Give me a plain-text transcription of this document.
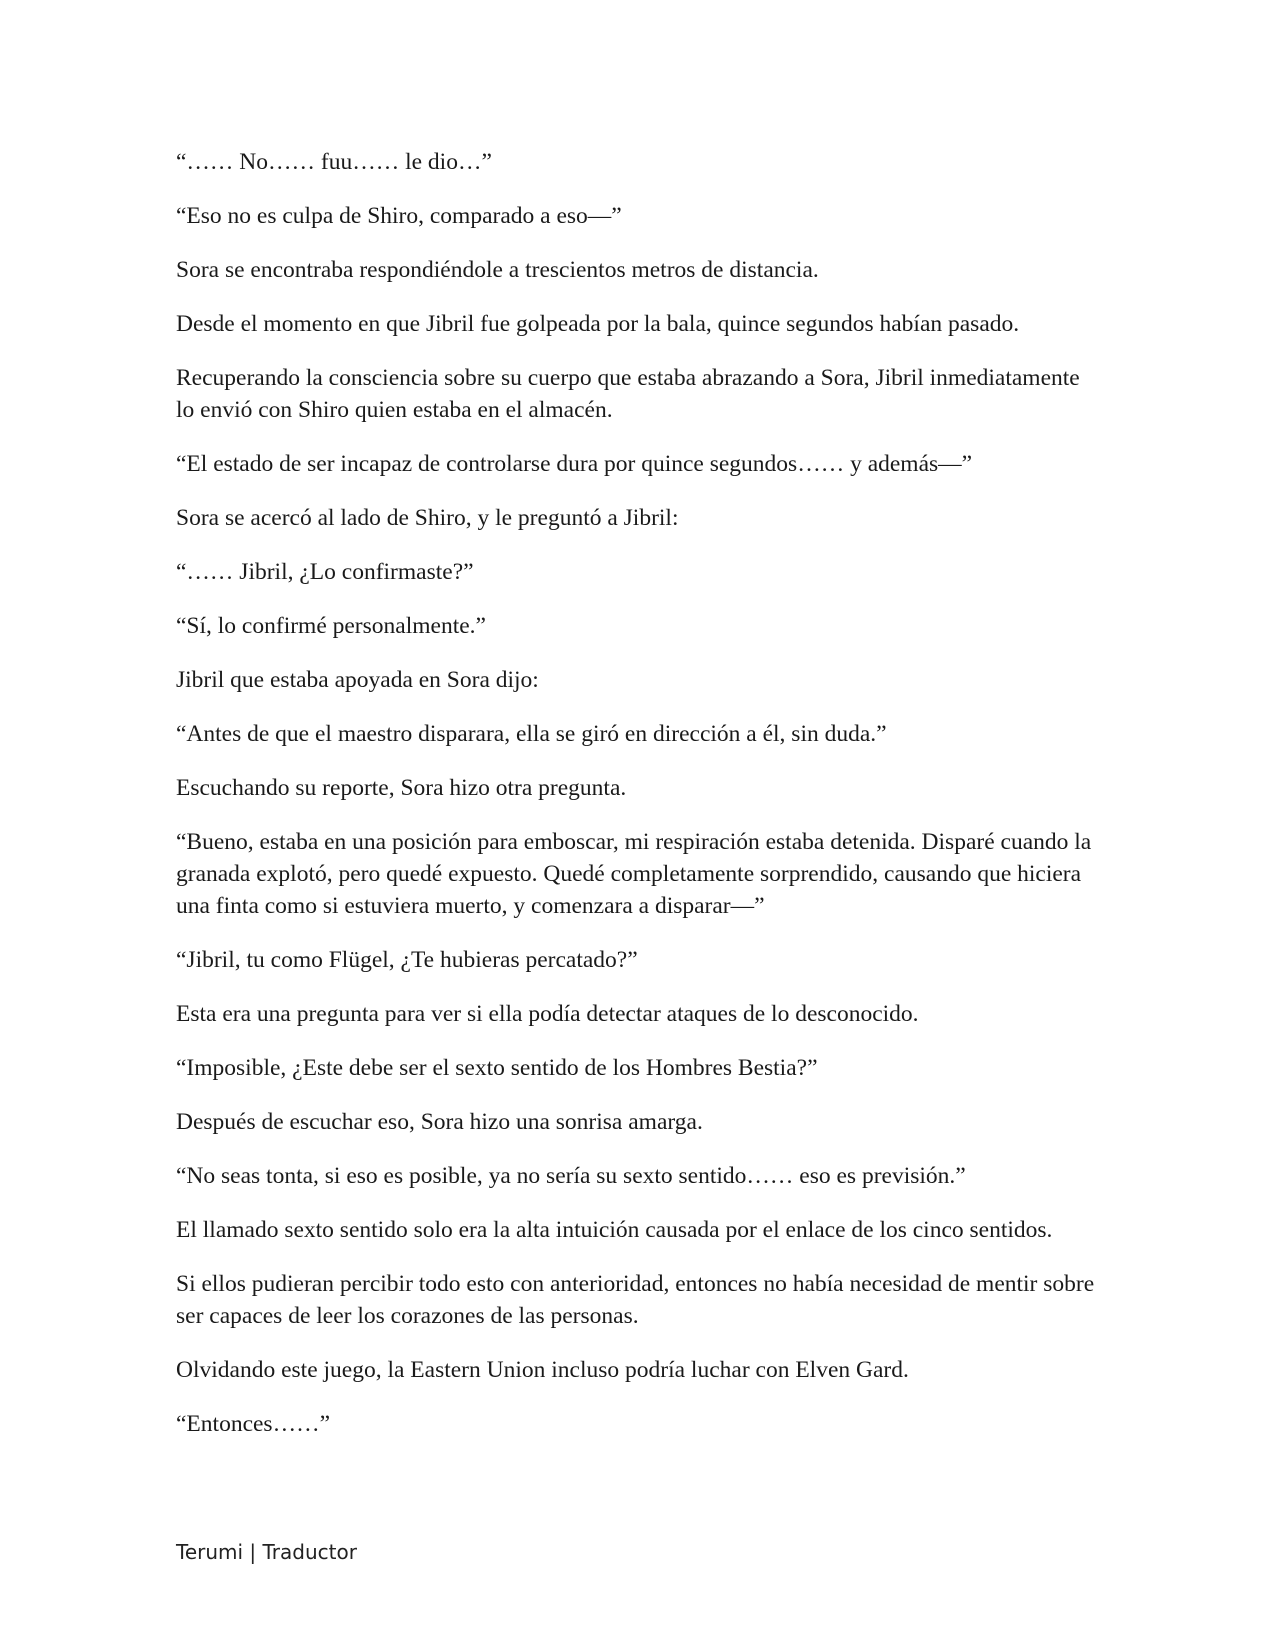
“…… No…… fuu…… le dio…”

“Eso no es culpa de Shiro, comparado a eso—”

Sora se encontraba respondiéndole a trescientos metros de distancia.

Desde el momento en que Jibril fue golpeada por la bala, quince segundos habían pasado.

Recuperando la consciencia sobre su cuerpo que estaba abrazando a Sora, Jibril inmediatamente lo envió con Shiro quien estaba en el almacén.

“El estado de ser incapaz de controlarse dura por quince segundos…… y además—”

Sora se acercó al lado de Shiro, y le preguntó a Jibril:

“…… Jibril, ¿Lo confirmaste?”

“Sí, lo confirmé personalmente.”

Jibril que estaba apoyada en Sora dijo:

“Antes de que el maestro disparara, ella se giró en dirección a él, sin duda.”

Escuchando su reporte, Sora hizo otra pregunta.

“Bueno, estaba en una posición para emboscar, mi respiración estaba detenida. Disparé cuando la granada explotó, pero quedé expuesto. Quedé completamente sorprendido, causando que hiciera una finta como si estuviera muerto, y comenzara a disparar—”

“Jibril, tu como Flügel, ¿Te hubieras percatado?”

Esta era una pregunta para ver si ella podía detectar ataques de lo desconocido.

“Imposible, ¿Este debe ser el sexto sentido de los Hombres Bestia?”

Después de escuchar eso, Sora hizo una sonrisa amarga.

“No seas tonta, si eso es posible, ya no sería su sexto sentido…… eso es previsión.”

El llamado sexto sentido solo era la alta intuición causada por el enlace de los cinco sentidos.

Si ellos pudieran percibir todo esto con anterioridad, entonces no había necesidad de mentir sobre ser capaces de leer los corazones de las personas.

Olvidando este juego, la Eastern Union incluso podría luchar con Elven Gard.

“Entonces……”

Terumi | Traductor
